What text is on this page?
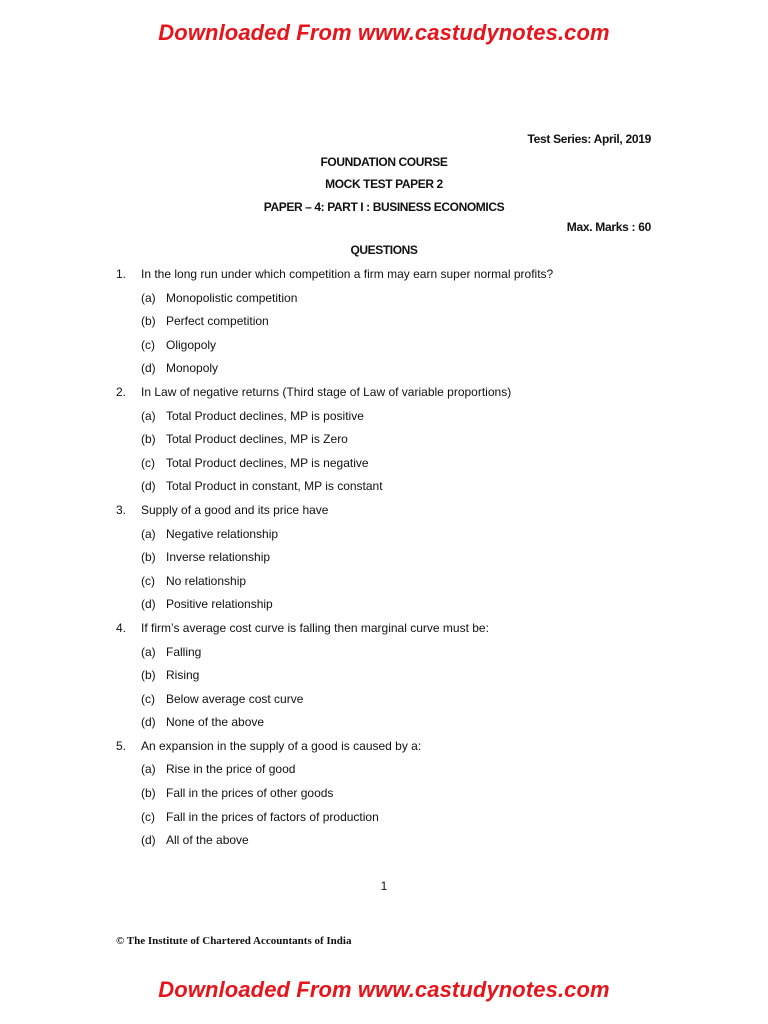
Downloaded From www.castudynotes.com
Test Series: April, 2019
FOUNDATION COURSE
MOCK TEST PAPER 2
PAPER – 4: PART I : BUSINESS ECONOMICS
Max. Marks : 60
QUESTIONS
1. In the long run under which competition a firm may earn super normal profits?
(a) Monopolistic competition
(b) Perfect competition
(c) Oligopoly
(d) Monopoly
2. In Law of negative returns (Third stage of Law of variable proportions)
(a) Total Product declines, MP is positive
(b) Total Product declines, MP is Zero
(c) Total Product declines, MP is negative
(d) Total Product in constant, MP is constant
3. Supply of a good and its price have
(a) Negative relationship
(b) Inverse relationship
(c) No relationship
(d) Positive relationship
4. If firm’s average cost curve is falling then marginal curve must be:
(a) Falling
(b) Rising
(c) Below average cost curve
(d) None of the above
5. An expansion in the supply of a good is caused by a:
(a) Rise in the price of good
(b) Fall in the prices of other goods
(c) Fall in the prices of factors of production
(d) All of the above
1
© The Institute of Chartered Accountants of India
Downloaded From www.castudynotes.com
